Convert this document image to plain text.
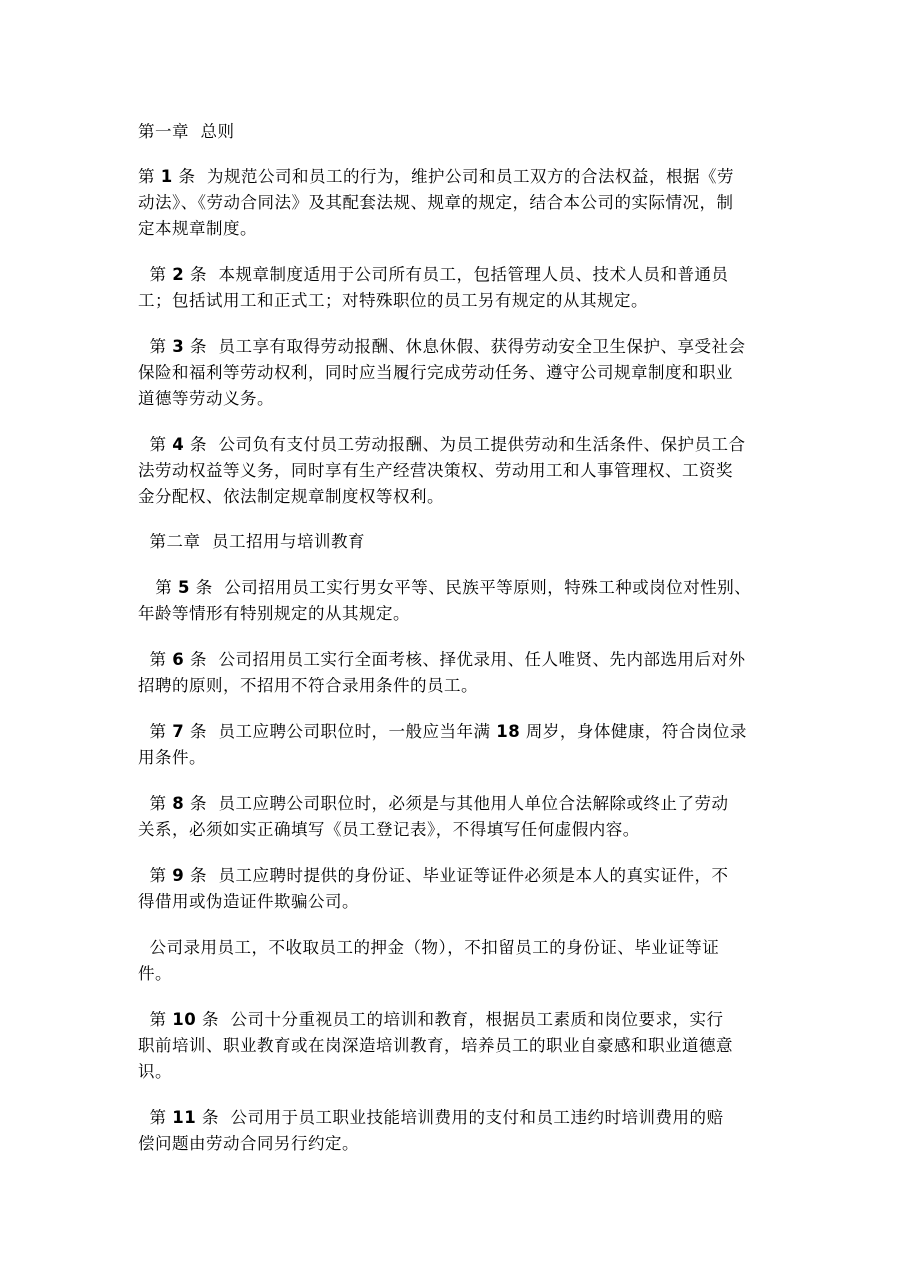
第一章  总则
第 1 条  为规范公司和员工的行为，维护公司和员工双方的合法权益，根据《劳
动法》、《劳动合同法》及其配套法规、规章的规定，结合本公司的实际情况，制
定本规章制度。
第 2 条  本规章制度适用于公司所有员工，包括管理人员、技术人员和普通员
工；包括试用工和正式工；对特殊职位的员工另有规定的从其规定。
第 3 条  员工享有取得劳动报酬、休息休假、获得劳动安全卫生保护、享受社会
保险和福利等劳动权利，同时应当履行完成劳动任务、遵守公司规章制度和职业
道德等劳动义务。
第 4 条  公司负有支付员工劳动报酬、为员工提供劳动和生活条件、保护员工合
法劳动权益等义务，同时享有生产经营决策权、劳动用工和人事管理权、工资奖
金分配权、依法制定规章制度权等权利。
第二章  员工招用与培训教育
第 5 条  公司招用员工实行男女平等、民族平等原则，特殊工种或岗位对性别、
年龄等情形有特别规定的从其规定。
第 6 条  公司招用员工实行全面考核、择优录用、任人唯贤、先内部选用后对外
招聘的原则，不招用不符合录用条件的员工。
第 7 条  员工应聘公司职位时，一般应当年满 18 周岁，身体健康，符合岗位录
用条件。
第 8 条  员工应聘公司职位时，必须是与其他用人单位合法解除或终止了劳动
关系，必须如实正确填写《员工登记表》，不得填写任何虚假内容。
第 9 条  员工应聘时提供的身份证、毕业证等证件必须是本人的真实证件，不
得借用或伪造证件欺骗公司。
公司录用员工，不收取员工的押金（物），不扣留员工的身份证、毕业证等证
件。
第 10 条  公司十分重视员工的培训和教育，根据员工素质和岗位要求，实行
职前培训、职业教育或在岗深造培训教育，培养员工的职业自豪感和职业道德意
识。
第 11 条  公司用于员工职业技能培训费用的支付和员工违约时培训费用的赔
偿问题由劳动合同另行约定。
